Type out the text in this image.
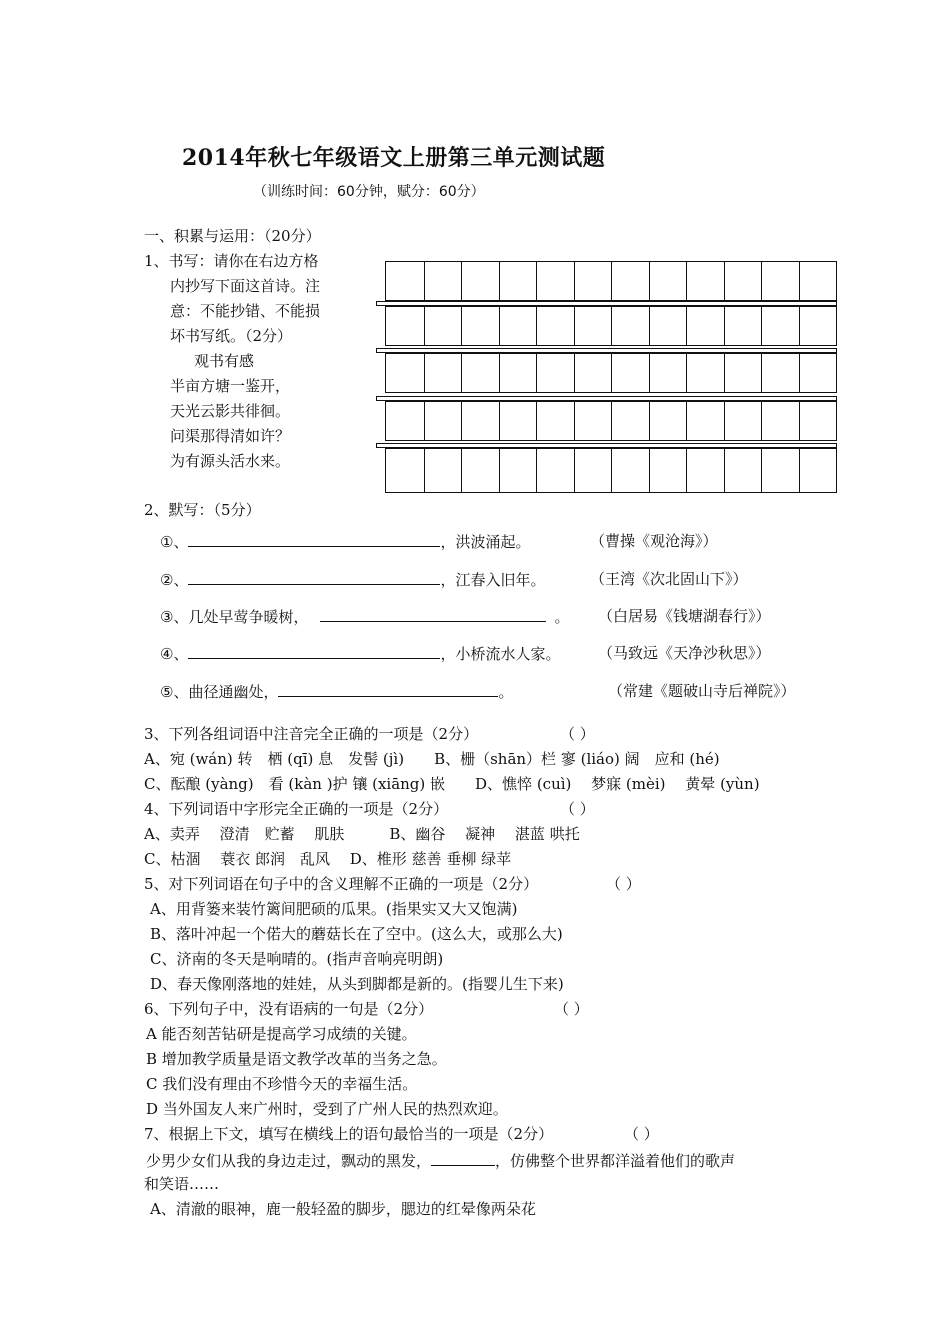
2014年秋七年级语文上册第三单元测试题
（训练时间：60分钟，赋分：60分）
一、积累与运用：（20分）
1、书写：请你在右边方格
内抄写下面这首诗。注
意：不能抄错、不能损
坏书写纸。（2分）
观书有感
半亩方塘一鉴开，
天光云影共徘徊。
问渠那得清如许？
为有源头活水来。
2、默写：（5分）
①、	，洪波涌起。	（曹操《观沧海》）
②、	，江春入旧年。	（王湾《次北固山下》）
③、几处早莺争暖树，	。 （白居易《钱塘湖春行》）
④、	，小桥流水人家。	（马致远《天净沙秋思》）
⑤、曲径通幽处，	。	（常建《题破山寺后禅院》）
3、下列各组词语中注音完全正确的一项是（2分）	（ ）
A、宛 (wán) 转　栖 (qī) 息　发髻 (jì)　　B、栅（shān）栏 寥 (liáo) 阔　应和 (hé)
C、酝酿 (yàng)　看 (kàn )护 镶 (xiāng) 嵌　　D、憔悴 (cuì)　 梦寐 (mèi)　 黄晕 (yùn)
4、下列词语中字形完全正确的一项是（2分）	（ ）
A、卖弄　 澄清　贮蓄　 肌肤　　　B、幽谷　 凝神　 湛蓝 哄托
C、枯涸　 蓑衣 郎润　乱风　 D、椎形 慈善 垂柳 绿苹
5、对下列词语在句子中的含义理解不正确的一项是（2分）	（ ）
A、用背篓来装竹篱间肥硕的瓜果。(指果实又大又饱满)
B、落叶冲起一个偌大的蘑菇长在了空中。(这么大，或那么大)
C、济南的冬天是响晴的。(指声音响亮明朗)
D、春天像刚落地的娃娃，从头到脚都是新的。(指婴儿生下来)
6、下列句子中，没有语病的一句是（2分）	（ ）
A 能否刻苦钻研是提高学习成绩的关键。
B 增加教学质量是语文教学改革的当务之急。
C 我们没有理由不珍惜今天的幸福生活。
D 当外国友人来广州时，受到了广州人民的热烈欢迎。
7、根据上下文，填写在横线上的语句最恰当的一项是（2分）	（ ）
少男少女们从我的身边走过，飘动的黑发，	，仿佛整个世界都洋溢着他们的歌声
和笑语……
A、清澈的眼神，鹿一般轻盈的脚步，腮边的红晕像两朵花
